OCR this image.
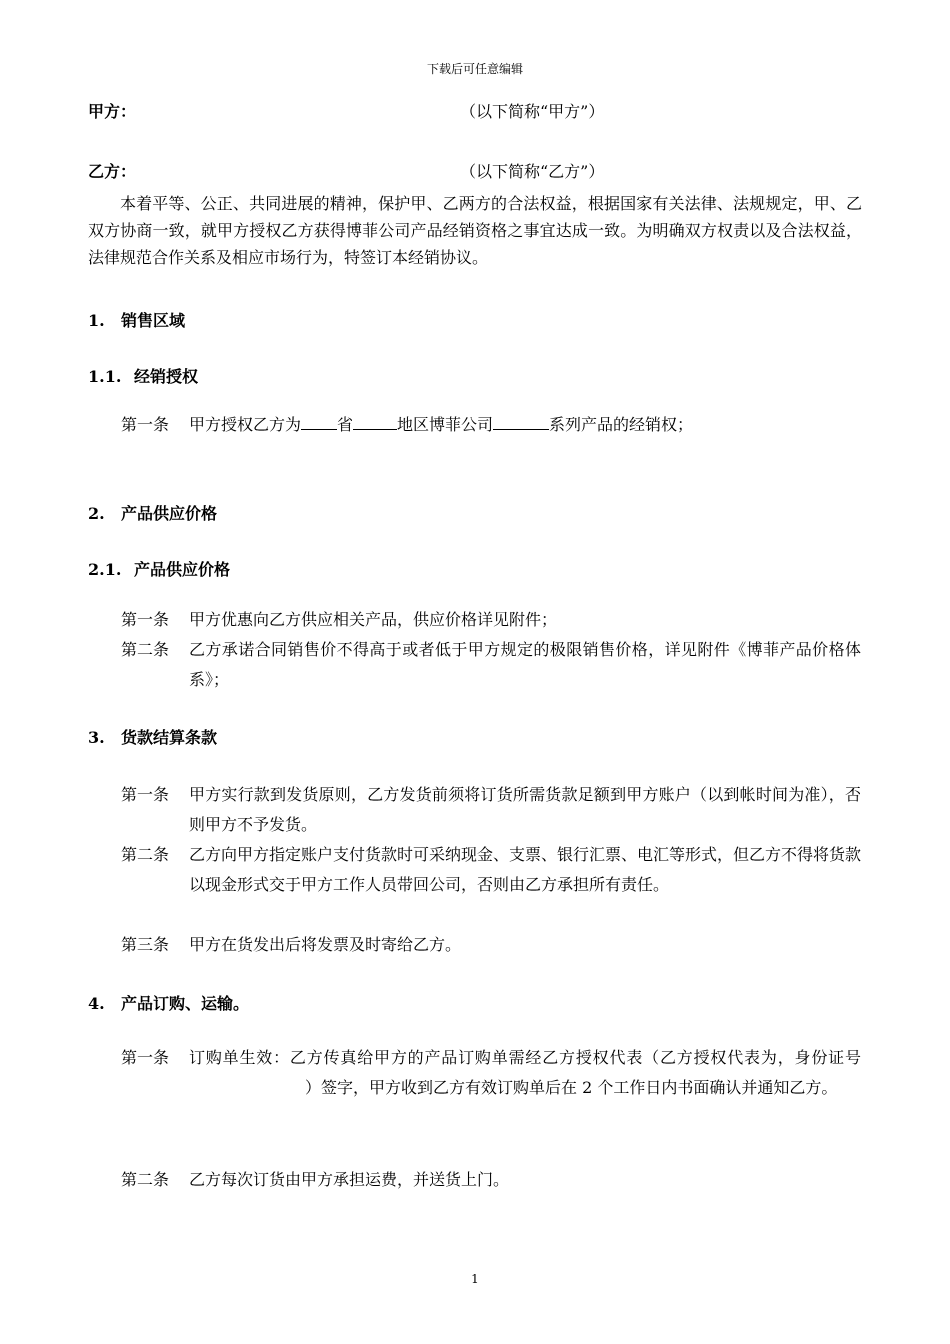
下载后可任意编辑
甲方：	（以下简称“甲方”）
乙方：	（以下简称“乙方”）

本着平等、公正、共同进展的精神，保护甲、乙两方的合法权益，根据国家有关法律、法规规定，甲、乙双方协商一致，就甲方授权乙方获得博菲公司产品经销资格之事宜达成一致。为明确双方权责以及合法权益，法律规范合作关系及相应市场行为，特签订本经销协议。

1. 销售区域
1.1. 经销授权
第一条	甲方授权乙方为 省	地区博菲公司	系列产品的经销权；
2. 产品供应价格
2.1. 产品供应价格
第一条	甲方优惠向乙方供应相关产品，供应价格详见附件；
第二条	乙方承诺合同销售价不得高于或者低于甲方规定的极限销售价格，详见附件《博菲产品价格体系》；
3. 货款结算条款
第一条	甲方实行款到发货原则，乙方发货前须将订货所需货款足额到甲方账户（以到帐时间为准），否则甲方不予发货。
第二条	乙方向甲方指定账户支付货款时可采纳现金、支票、银行汇票、电汇等形式，但乙方不得将货款以现金形式交于甲方工作人员带回公司，否则由乙方承担所有责任。
第三条	甲方在货发出后将发票及时寄给乙方。
4. 产品订购、运输。
第一条	订购单生效：乙方传真给甲方的产品订购单需经乙方授权代表（乙方授权代表为，身份证号）签字，甲方收到乙方有效订购单后在 2 个工作日内书面确认并通知乙方。
第二条	乙方每次订货由甲方承担运费，并送货上门。
1
